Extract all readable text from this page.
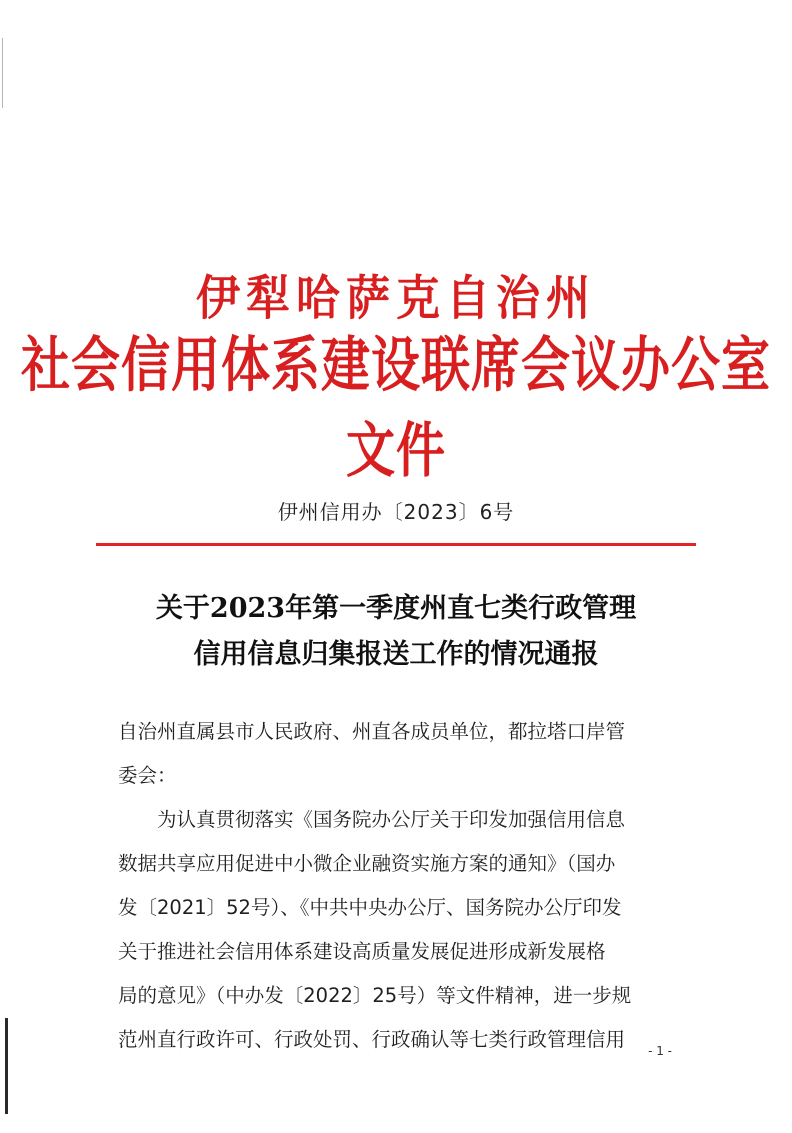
伊犁哈萨克自治州
社会信用体系建设联席会议办公室文件
伊州信用办〔2023〕6号
关于2023年第一季度州直七类行政管理
信用信息归集报送工作的情况通报

自治州直属县市人民政府、州直各成员单位，都拉塔口岸管

委会：

为认真贯彻落实《国务院办公厅关于印发加强信用信息

数据共享应用促进中小微企业融资实施方案的通知》（国办

发〔2021〕52号）、《中共中央办公厅、国务院办公厅印发

关于推进社会信用体系建设高质量发展促进形成新发展格

局的意见》（中办发〔2022〕25号）等文件精神，进一步规

范州直行政许可、行政处罚、行政确认等七类行政管理信用	- 1 -
